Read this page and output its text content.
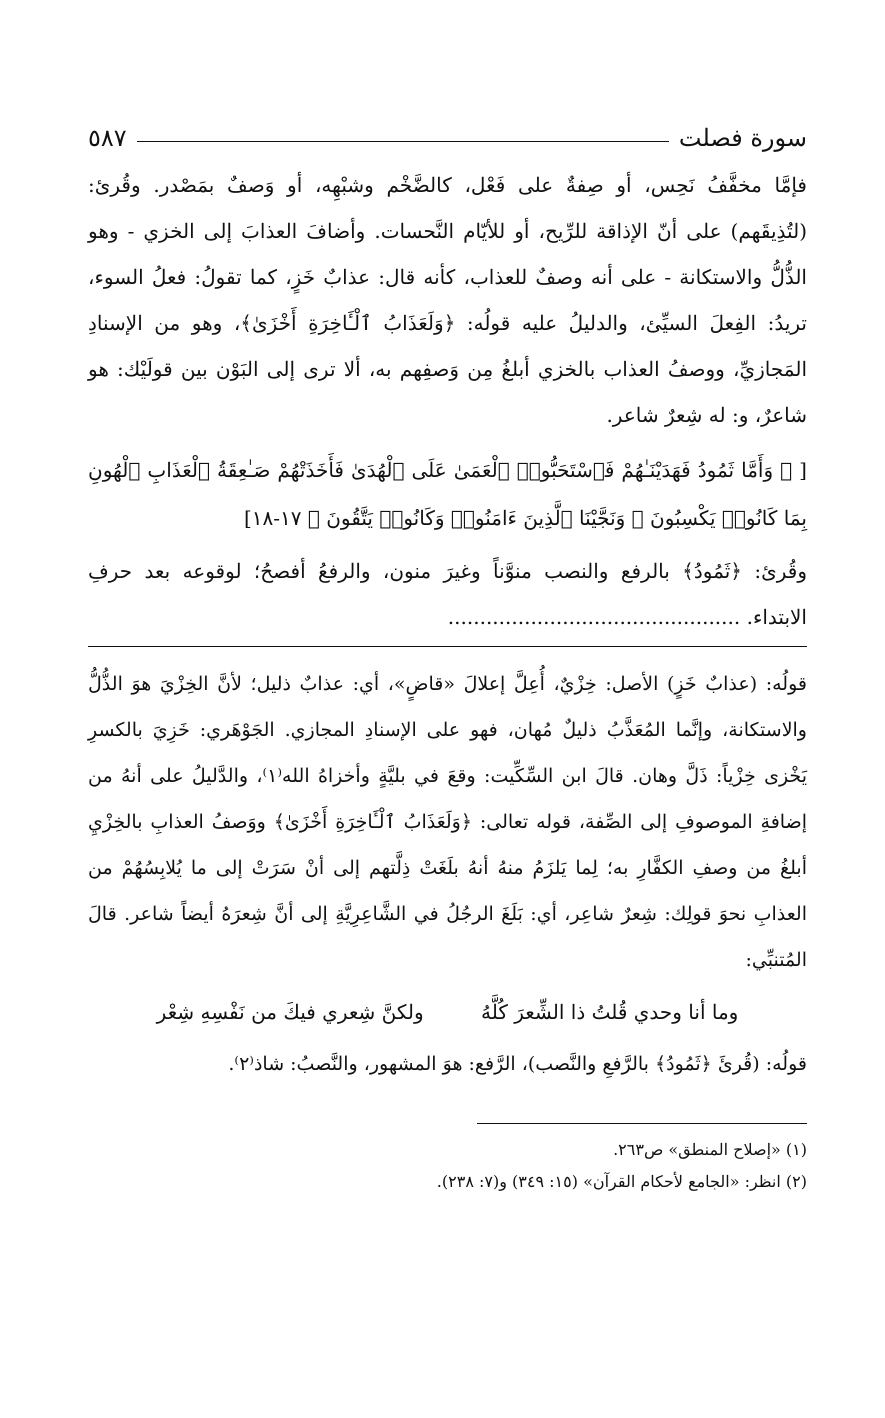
سورة فصلت
٥٨٧

فإمَّا مخفَّفُ نَحِس، أو صِفةٌ على فَعْل، كالضَّخْم وشبْهِه، أو وَصفٌ بمَصْدر. وقُرئ: (لتُذِيقَهم) على أنّ الإذاقة للرِّيح، أو للأيّام النَّحسات. وأضافَ العذابَ إلى الخزي - وهو الذُّلُّ والاستكانة - على أنه وصفٌ للعذاب، كأنه قال: عذابٌ خَزٍ، كما تقولُ: فعلُ السوء، تريدُ: الفِعلَ السيِّئ، والدليلُ عليه قولُه: ﴿وَلَعَذَابُ ٱلْـَٔاخِرَةِ أَخْزَىٰ﴾، وهو من الإسنادِ المَجازيِّ، ووصفُ العذاب بالخزي أبلغُ مِن وَصفِهم به، ألا ترى إلى البَوْن بين قولَيْك: هو شاعرٌ، و: له شِعرٌ شاعر.

[ ﴿ وَأَمَّا ثَمُودُ فَهَدَيْنَـٰهُمْ فَٱسْتَحَبُّوا۟ ٱلْعَمَىٰ عَلَى ٱلْهُدَىٰ فَأَخَذَتْهُمْ صَـٰعِقَةُ ٱلْعَذَابِ ٱلْهُونِ بِمَا كَانُوا۟ يَكْسِبُونَ ۞ وَنَجَّيْنَا ٱلَّذِينَ ءَامَنُوا۟ وَكَانُوا۟ يَتَّقُونَ ﴾ ١٧-١٨]

وقُرئ: ﴿ثَمُودُ﴾ بالرفع والنصب منوَّناً وغيرَ منون، والرفعُ أفصحُ؛ لوقوعه بعد حرفِ الابتداء. ..............................................

قولُه: (عذابٌ خَزٍ) الأصل: خِزْيٌ، أُعِلَّ إعلالَ «قاضٍ»، أي: عذابٌ ذليل؛ لأنَّ الخِزْيَ هوَ الذُّلُّ والاستكانة، وإنَّما المُعَذَّبُ ذليلٌ مُهان، فهو على الإسنادِ المجازي. الجَوْهَري: خَزِيَ بالكسرِ يَخْزى خِزْياً: ذَلَّ وهان. قالَ ابن السِّكِّيت: وقعَ في بليَّةٍ وأخزاهُ الله⁽١⁾، والدَّليلُ على أنهُ من إضافةِ الموصوفِ إلى الصِّفة، قوله تعالى: ﴿وَلَعَذَابُ ٱلْـَٔاخِرَةِ أَخْزَىٰ﴾ ووَصفُ العذابِ بالخِزْيِ أبلغُ من وصفِ الكفَّارِ به؛ لِما يَلزَمُ منهُ أنهُ بلَغَتْ ذِلَّتهم إلى أنْ سَرَتْ إلى ما يُلابِسُهُمْ من العذابِ نحوَ قولِك: شِعرٌ شاعِر، أي: بَلَغَ الرجُلُ في الشَّاعِرِيَّةِ إلى أنَّ شِعرَهُ أيضاً شاعر. قالَ المُتنبِّي:

وما أنا وحدي قُلتُ ذا الشِّعرَ كُلَّهُ
ولكنَّ شِعري فيكَ من نَفْسِهِ شِعْر

قولُه: (قُرئَ ﴿ثَمُودُ﴾ بالرَّفعِ والنَّصب)، الرَّفع: هوَ المشهور، والنَّصبُ: شاذ⁽٢⁾.

(١) «إصلاح المنطق» ص٢٦٣.
(٢) انظر: «الجامع لأحكام القرآن» (١٥: ٣٤٩) و(٧: ٢٣٨).
